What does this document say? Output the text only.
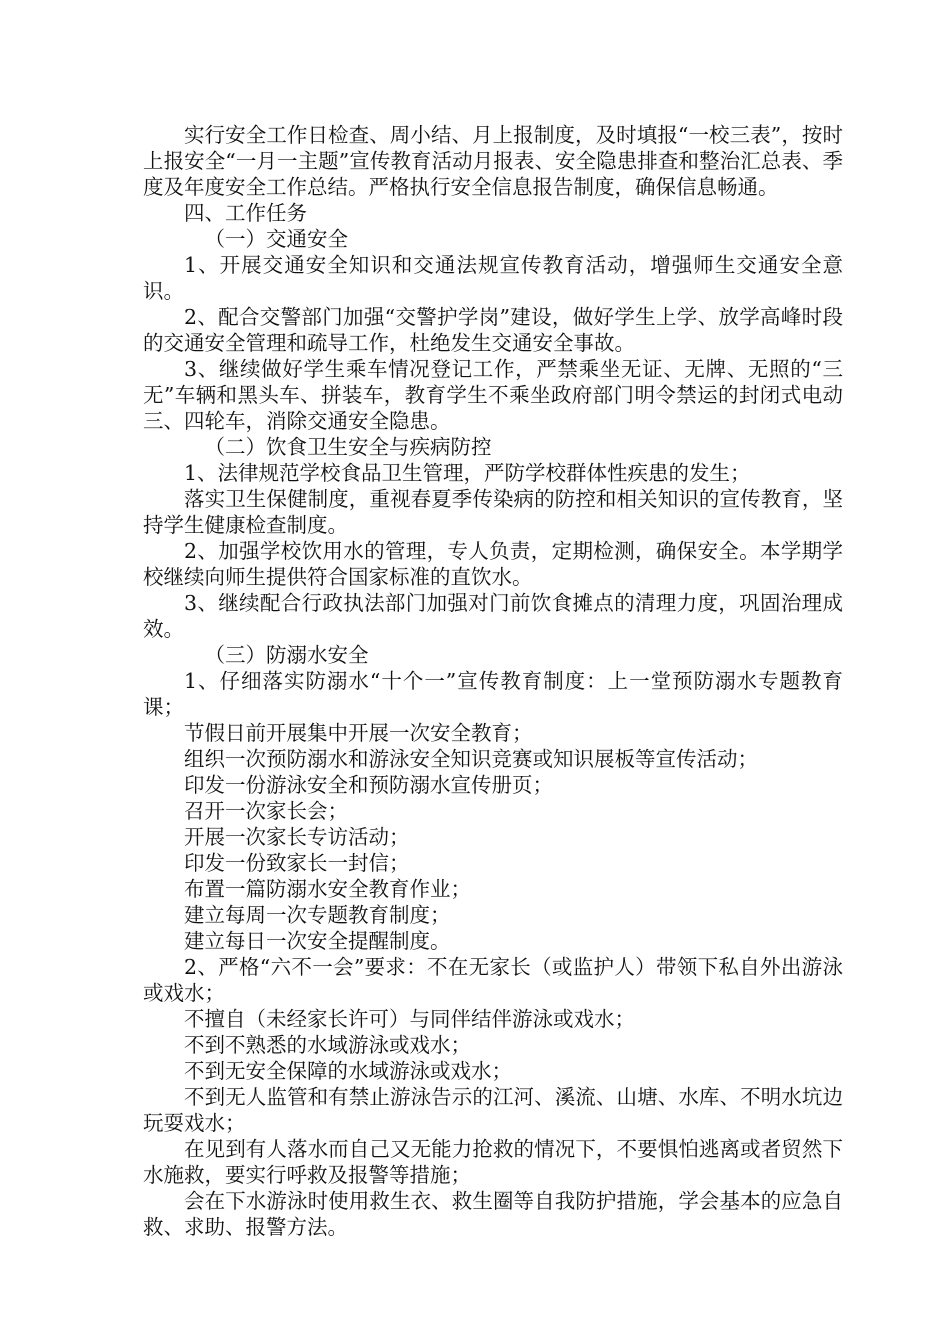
实行安全工作日检查、周小结、月上报制度，及时填报“一校三表”，按时上报安全“一月一主题”宣传教育活动月报表、安全隐患排查和整治汇总表、季度及年度安全工作总结。严格执行安全信息报告制度，确保信息畅通。

四、工作任务

（一）交通安全

1、开展交通安全知识和交通法规宣传教育活动，增强师生交通安全意识。

2、配合交警部门加强“交警护学岗”建设，做好学生上学、放学高峰时段的交通安全管理和疏导工作，杜绝发生交通安全事故。

3、继续做好学生乘车情况登记工作，严禁乘坐无证、无牌、无照的“三无”车辆和黑头车、拼装车，教育学生不乘坐政府部门明令禁运的封闭式电动三、四轮车，消除交通安全隐患。

（二）饮食卫生安全与疾病防控

1、法律规范学校食品卫生管理，严防学校群体性疾患的发生；

落实卫生保健制度，重视春夏季传染病的防控和相关知识的宣传教育，坚持学生健康检查制度。

2、加强学校饮用水的管理，专人负责，定期检测，确保安全。本学期学校继续向师生提供符合国家标准的直饮水。

3、继续配合行政执法部门加强对门前饮食摊点的清理力度，巩固治理成效。

（三）防溺水安全

1、仔细落实防溺水“十个一”宣传教育制度：上一堂预防溺水专题教育课；

节假日前开展集中开展一次安全教育；

组织一次预防溺水和游泳安全知识竞赛或知识展板等宣传活动；

印发一份游泳安全和预防溺水宣传册页；

召开一次家长会；

开展一次家长专访活动；

印发一份致家长一封信；

布置一篇防溺水安全教育作业；

建立每周一次专题教育制度；

建立每日一次安全提醒制度。

2、严格“六不一会”要求：不在无家长（或监护人）带领下私自外出游泳或戏水；

不擅自（未经家长许可）与同伴结伴游泳或戏水；

不到不熟悉的水域游泳或戏水；

不到无安全保障的水域游泳或戏水；

不到无人监管和有禁止游泳告示的江河、溪流、山塘、水库、不明水坑边玩耍戏水；

在见到有人落水而自己又无能力抢救的情况下，不要惧怕逃离或者贸然下水施救，要实行呼救及报警等措施；

会在下水游泳时使用救生衣、救生圈等自我防护措施，学会基本的应急自救、求助、报警方法。
